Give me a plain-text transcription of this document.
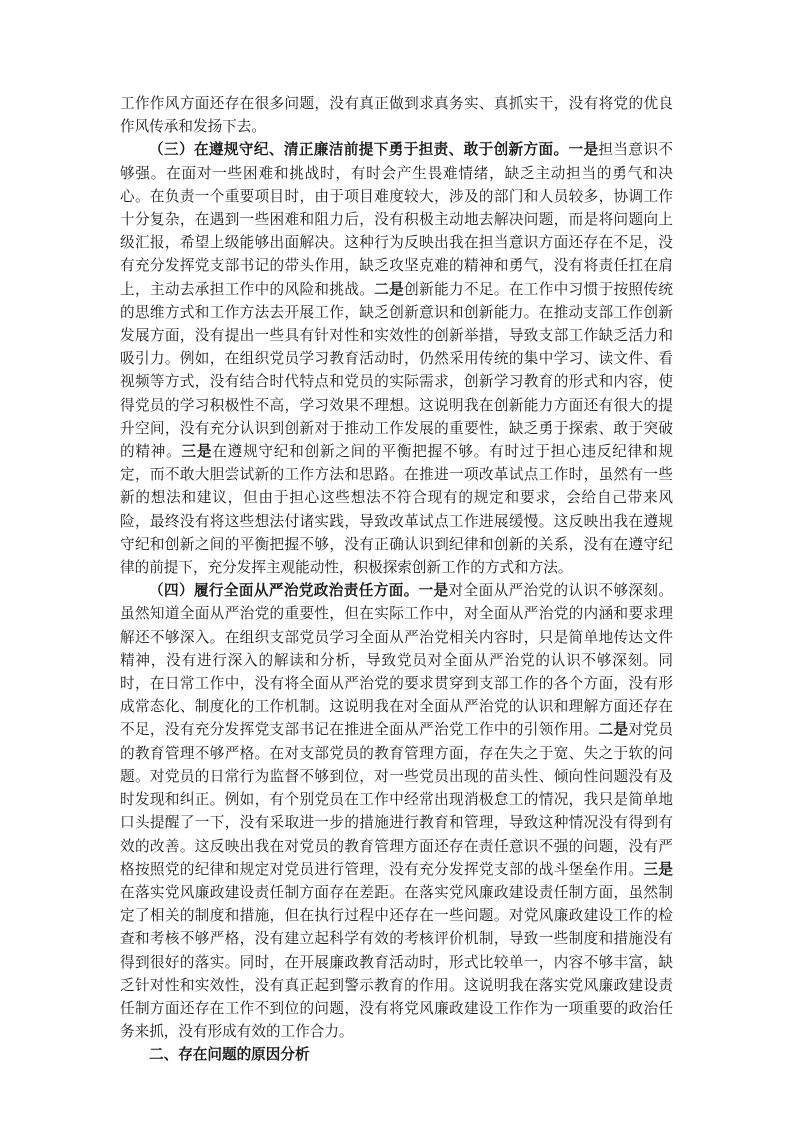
工作作风方面还存在很多问题，没有真正做到求真务实、真抓实干，没有将党的优良作风传承和发扬下去。

（三）在遵规守纪、清正廉洁前提下勇于担责、敢于创新方面。一是担当意识不够强。在面对一些困难和挑战时，有时会产生畏难情绪，缺乏主动担当的勇气和决心。在负责一个重要项目时，由于项目难度较大，涉及的部门和人员较多，协调工作十分复杂，在遇到一些困难和阻力后，没有积极主动地去解决问题，而是将问题向上级汇报，希望上级能够出面解决。这种行为反映出我在担当意识方面还存在不足，没有充分发挥党支部书记的带头作用，缺乏攻坚克难的精神和勇气，没有将责任扛在肩上，主动去承担工作中的风险和挑战。二是创新能力不足。在工作中习惯于按照传统的思维方式和工作方法去开展工作，缺乏创新意识和创新能力。在推动支部工作创新发展方面，没有提出一些具有针对性和实效性的创新举措，导致支部工作缺乏活力和吸引力。例如，在组织党员学习教育活动时，仍然采用传统的集中学习、读文件、看视频等方式，没有结合时代特点和党员的实际需求，创新学习教育的形式和内容，使得党员的学习积极性不高，学习效果不理想。这说明我在创新能力方面还有很大的提升空间，没有充分认识到创新对于推动工作发展的重要性，缺乏勇于探索、敢于突破的精神。三是在遵规守纪和创新之间的平衡把握不够。有时过于担心违反纪律和规定，而不敢大胆尝试新的工作方法和思路。在推进一项改革试点工作时，虽然有一些新的想法和建议，但由于担心这些想法不符合现有的规定和要求，会给自己带来风险，最终没有将这些想法付诸实践，导致改革试点工作进展缓慢。这反映出我在遵规守纪和创新之间的平衡把握不够，没有正确认识到纪律和创新的关系，没有在遵守纪律的前提下，充分发挥主观能动性，积极探索创新工作的方式和方法。

（四）履行全面从严治党政治责任方面。一是对全面从严治党的认识不够深刻。虽然知道全面从严治党的重要性，但在实际工作中，对全面从严治党的内涵和要求理解还不够深入。在组织支部党员学习全面从严治党相关内容时，只是简单地传达文件精神，没有进行深入的解读和分析，导致党员对全面从严治党的认识不够深刻。同时，在日常工作中，没有将全面从严治党的要求贯穿到支部工作的各个方面，没有形成常态化、制度化的工作机制。这说明我在对全面从严治党的认识和理解方面还存在不足，没有充分发挥党支部书记在推进全面从严治党工作中的引领作用。二是对党员的教育管理不够严格。在对支部党员的教育管理方面，存在失之于宽、失之于软的问题。对党员的日常行为监督不够到位，对一些党员出现的苗头性、倾向性问题没有及时发现和纠正。例如，有个别党员在工作中经常出现消极怠工的情况，我只是简单地口头提醒了一下，没有采取进一步的措施进行教育和管理，导致这种情况没有得到有效的改善。这反映出我在对党员的教育管理方面还存在责任意识不强的问题，没有严格按照党的纪律和规定对党员进行管理，没有充分发挥党支部的战斗堡垒作用。三是在落实党风廉政建设责任制方面存在差距。在落实党风廉政建设责任制方面，虽然制定了相关的制度和措施，但在执行过程中还存在一些问题。对党风廉政建设工作的检查和考核不够严格，没有建立起科学有效的考核评价机制，导致一些制度和措施没有得到很好的落实。同时，在开展廉政教育活动时，形式比较单一，内容不够丰富，缺乏针对性和实效性，没有真正起到警示教育的作用。这说明我在落实党风廉政建设责任制方面还存在工作不到位的问题，没有将党风廉政建设工作作为一项重要的政治任务来抓，没有形成有效的工作合力。

二、存在问题的原因分析
